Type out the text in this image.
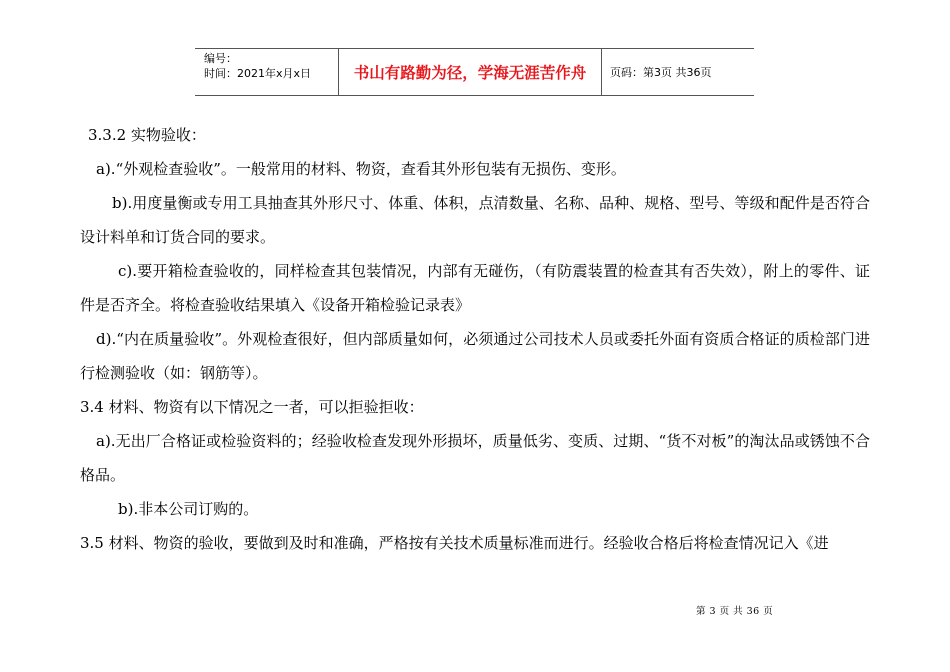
编号：
时间：2021年x月x日	书山有路勤为径，学海无涯苦作舟	页码：第3页 共36页

3.3.2 实物验收：

a).“外观检查验收”。一般常用的材料、物资，查看其外形包装有无损伤、变形。

b).用度量衡或专用工具抽查其外形尺寸、体重、体积，点清数量、名称、品种、规格、型号、等级和配件是否符合设计料单和订货合同的要求。

c).要开箱检查验收的，同样检查其包装情况，内部有无碰伤，（有防震装置的检查其有否失效），附上的零件、证件是否齐全。将检查验收结果填入《设备开箱检验记录表》

d).“内在质量验收”。外观检查很好，但内部质量如何，必须通过公司技术人员或委托外面有资质合格证的质检部门进行检测验收（如：钢筋等）。

3.4 材料、物资有以下情况之一者，可以拒验拒收：

a).无出厂合格证或检验资料的；经验收检查发现外形损坏，质量低劣、变质、过期、“货不对板”的淘汰品或锈蚀不合格品。

b).非本公司订购的。

3.5 材料、物资的验收，要做到及时和准确，严格按有关技术质量标准而进行。经验收合格后将检查情况记入《进

第 3 页 共 36 页
